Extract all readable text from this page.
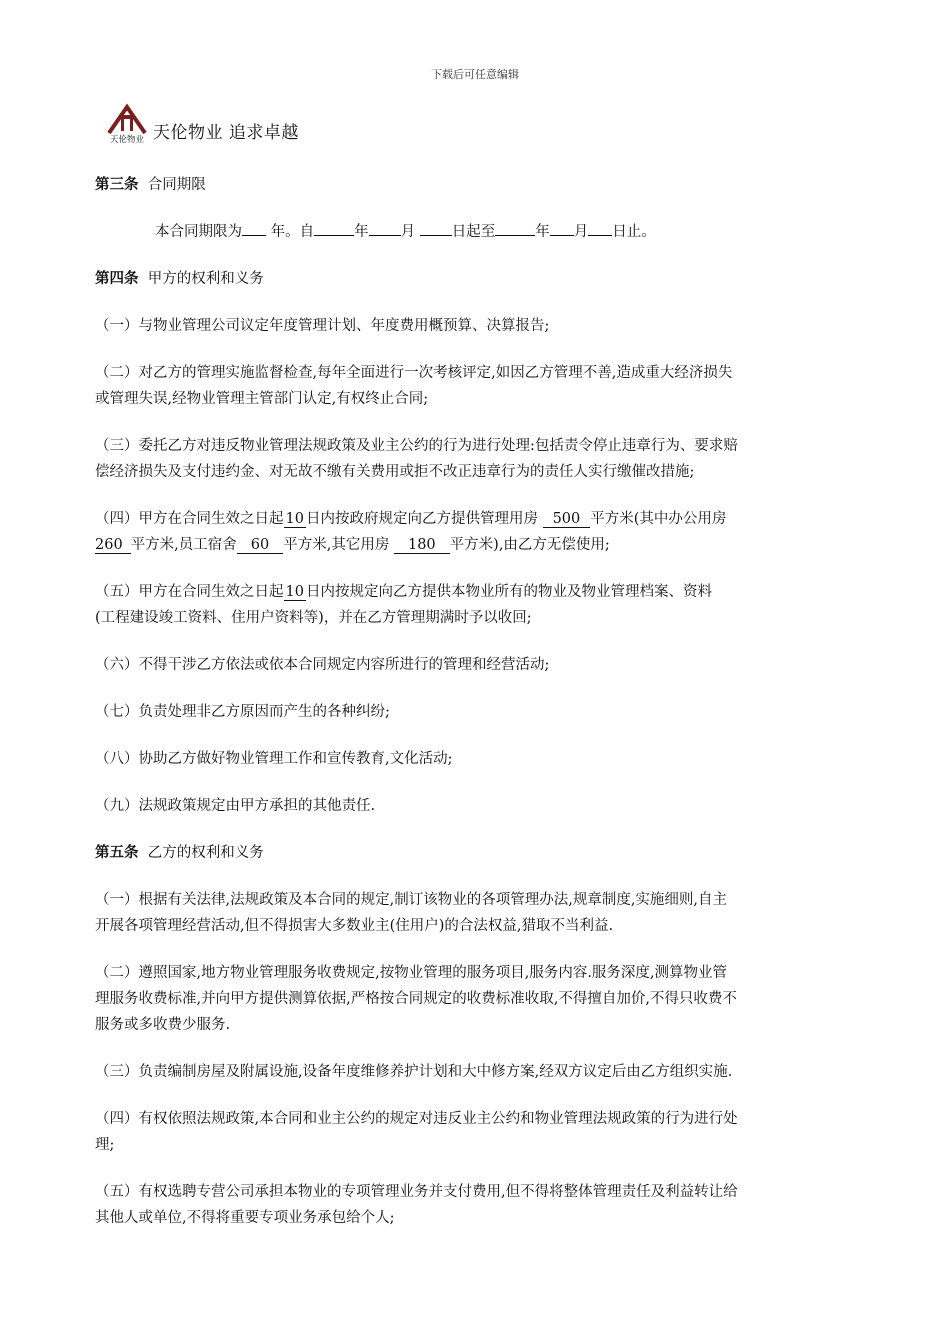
下载后可任意编辑
天伦物业 天伦物业 追求卓越
第三条 合同期限
本合同期限为 年。自	年 月 日起至	年 月 日止。
第四条 甲方的权利和义务
（一）与物业管理公司议定年度管理计划、年度费用概预算、决算报告;
（二）对乙方的管理实施监督检查,每年全面进行一次考核评定,如因乙方管理不善,造成重大经济损失
或管理失误,经物业管理主管部门认定,有权终止合同;
（三）委托乙方对违反物业管理法规政策及业主公约的行为进行处理:包括责令停止违章行为、要求赔
偿经济损失及支付违约金、对无故不缴有关费用或拒不改正违章行为的责任人实行缴催改措施;
（四）甲方在合同生效之日起 10 日内按政府规定向乙方提供管理用房 500 平方米(其中办公用房
260 平方米,员工宿舍 60 平方米,其它用房 180 平方米),由乙方无偿使用;
（五）甲方在合同生效之日起 10 日内按规定向乙方提供本物业所有的物业及物业管理档案、资料
(工程建设竣工资料、住用户资料等)，并在乙方管理期满时予以收回;
（六）不得干涉乙方依法或依本合同规定内容所进行的管理和经营活动;
（七）负责处理非乙方原因而产生的各种纠纷;
（八）协助乙方做好物业管理工作和宣传教育,文化活动;
（九）法规政策规定由甲方承担的其他责任.
第五条 乙方的权利和义务
（一）根据有关法律,法规政策及本合同的规定,制订该物业的各项管理办法,规章制度,实施细则,自主
开展各项管理经营活动,但不得损害大多数业主(住用户)的合法权益,猎取不当利益.
（二）遵照国家,地方物业管理服务收费规定,按物业管理的服务项目,服务内容.服务深度,测算物业管
理服务收费标准,并向甲方提供测算依据,严格按合同规定的收费标准收取,不得擅自加价,不得只收费不
服务或多收费少服务.
（三）负责编制房屋及附属设施,设备年度维修养护计划和大中修方案,经双方议定后由乙方组织实施.
（四）有权依照法规政策,本合同和业主公约的规定对违反业主公约和物业管理法规政策的行为进行处
理;
（五）有权选聘专营公司承担本物业的专项管理业务并支付费用,但不得将整体管理责任及利益转让给
其他人或单位,不得将重要专项业务承包给个人;
